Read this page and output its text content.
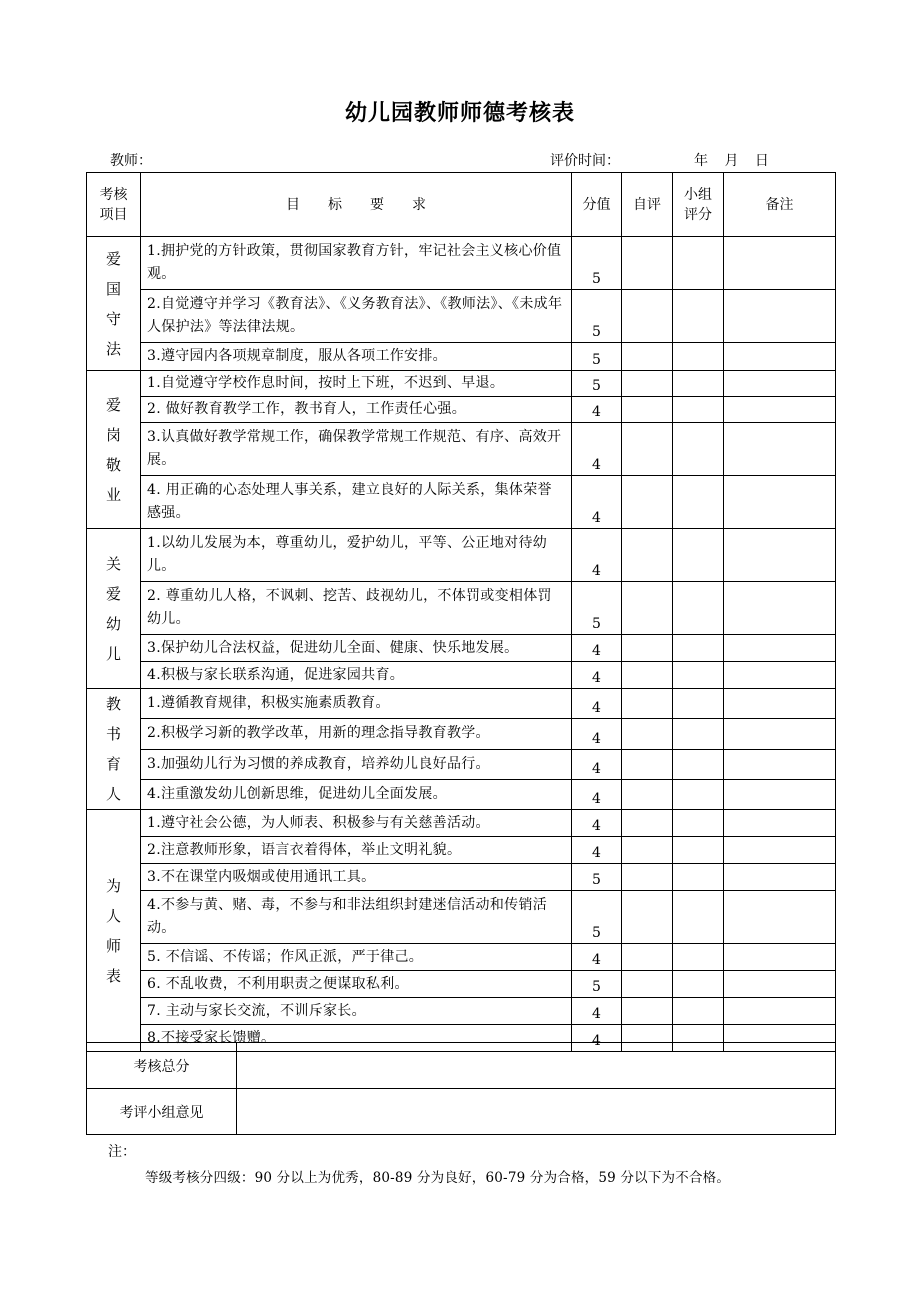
幼儿园教师师德考核表
教师：	评价时间：	年 月 日
考核项目	目标要求	分值	自评	小组评分	备注
爱国守法	1.拥护党的方针政策，贯彻国家教育方针，牢记社会主义核心价值观。	5			
	2.自觉遵守并学习《教育法》、《义务教育法》、《教师法》、《未成年人保护法》等法律法规。	5			
	3.遵守园内各项规章制度，服从各项工作安排。	5			
爱岗敬业	1.自觉遵守学校作息时间，按时上下班，不迟到、早退。	5			
	2. 做好教育教学工作，教书育人，工作责任心强。	4			
	3.认真做好教学常规工作，确保教学常规工作规范、有序、高效开展。	4			
	4. 用正确的心态处理人事关系，建立良好的人际关系，集体荣誉感强。	4			
关爱幼儿	1.以幼儿发展为本，尊重幼儿，爱护幼儿，平等、公正地对待幼儿。	4			
	2. 尊重幼儿人格，不讽刺、挖苦、歧视幼儿，不体罚或变相体罚幼儿。	5			
	3.保护幼儿合法权益，促进幼儿全面、健康、快乐地发展。	4			
	4.积极与家长联系沟通，促进家园共育。	4			
教书育人	1.遵循教育规律，积极实施素质教育。	4			
	2.积极学习新的教学改革，用新的理念指导教育教学。	4			
	3.加强幼儿行为习惯的养成教育，培养幼儿良好品行。	4			
	4.注重激发幼儿创新思维，促进幼儿全面发展。	4			
为人师表	1.遵守社会公德，为人师表、积极参与有关慈善活动。	4			
	2.注意教师形象，语言衣着得体，举止文明礼貌。	4			
	3.不在课堂内吸烟或使用通讯工具。	5			
	4.不参与黄、赌、毒，不参与和非法组织封建迷信活动和传销活动。	5			
	5. 不信谣、不传谣；作风正派，严于律己。	4			
	6. 不乱收费，不利用职责之便谋取私利。	5			
	7. 主动与家长交流，不训斥家长。	4			
	8.不接受家长馈赠。	4			
考核总分	
考评小组意见	
注：
等级考核分四级：90 分以上为优秀，80-89 分为良好，60-79 分为合格，59 分以下为不合格。
